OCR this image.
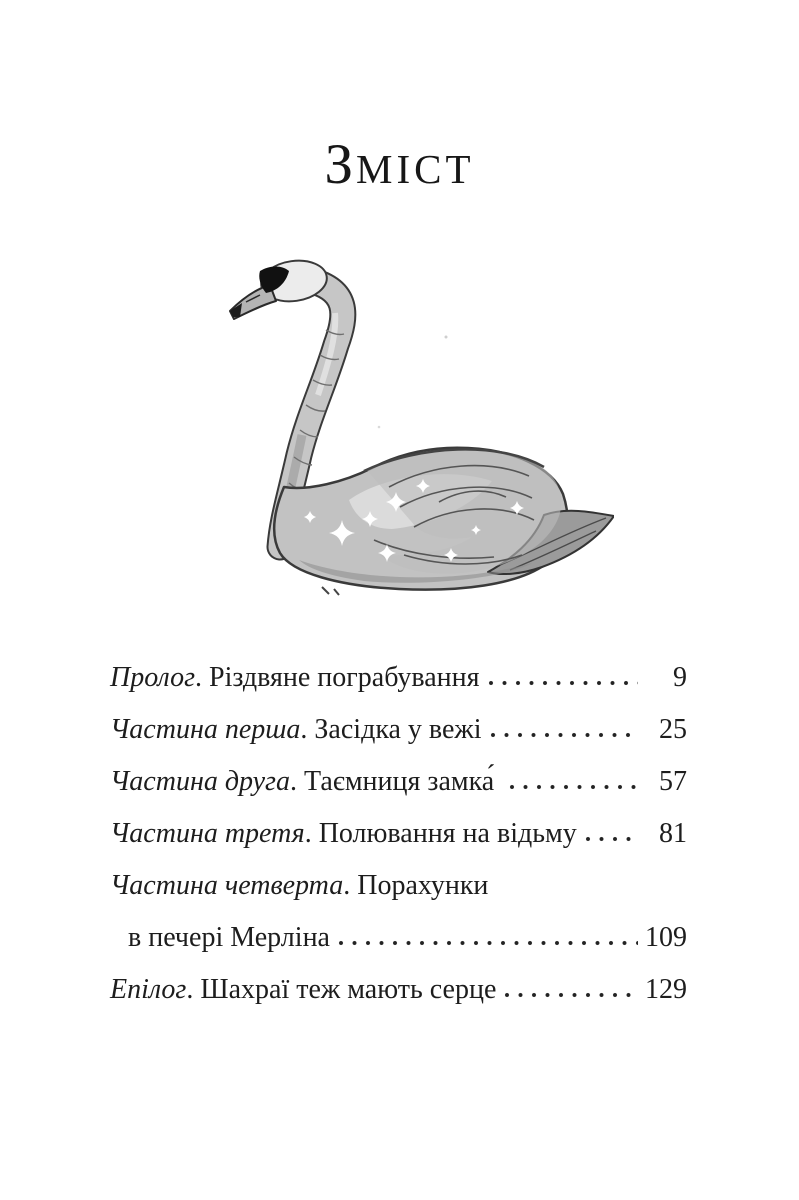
ЗМІСТ
Пролог. Різдвяне пограбування	9
Частина перша. Засідка у вежі	25
Частина друга. Таємниця замка́	57
Частина третя. Полювання на відьму	81
Частина четверта. Порахунки
в печері Мерліна	109
Епілог. Шахраї теж мають серце	129
